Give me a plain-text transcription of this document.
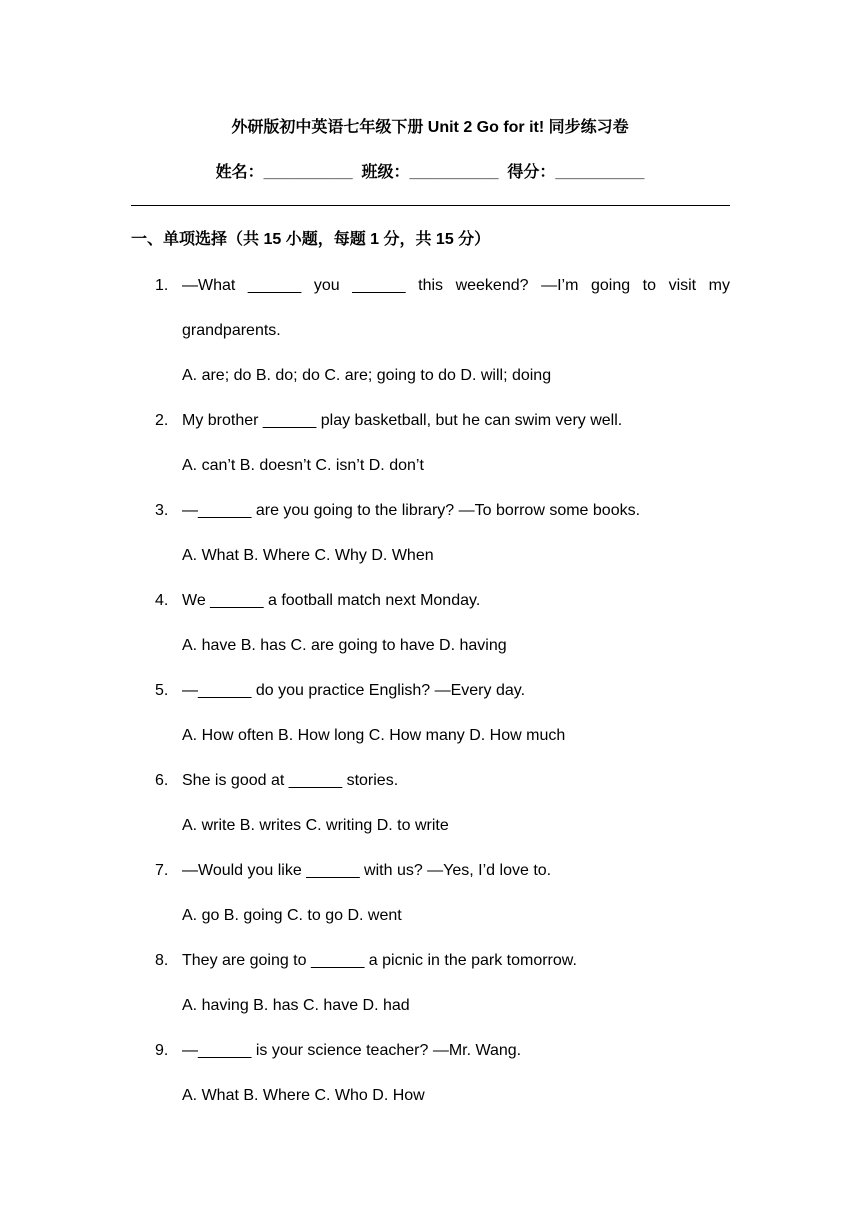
外研版初中英语七年级下册 Unit 2 Go for it! 同步练习卷
姓名：__________  班级：__________  得分：__________
一、单项选择（共 15 小题，每题 1 分，共 15 分）
1. —What ______ you ______ this weekend? —I’m going to visit my
grandparents.
A. are; do B. do; do C. are; going to do D. will; doing
2. My brother ______ play basketball, but he can swim very well.
A. can’t B. doesn’t C. isn’t D. don’t
3. —______ are you going to the library? —To borrow some books.
A. What B. Where C. Why D. When
4. We ______ a football match next Monday.
A. have B. has C. are going to have D. having
5. —______ do you practice English? —Every day.
A. How often B. How long C. How many D. How much
6. She is good at ______ stories.
A. write B. writes C. writing D. to write
7. —Would you like ______ with us? —Yes, I’d love to.
A. go B. going C. to go D. went
8. They are going to ______ a picnic in the park tomorrow.
A. having B. has C. have D. had
9. —______ is your science teacher? —Mr. Wang.
A. What B. Where C. Who D. How
